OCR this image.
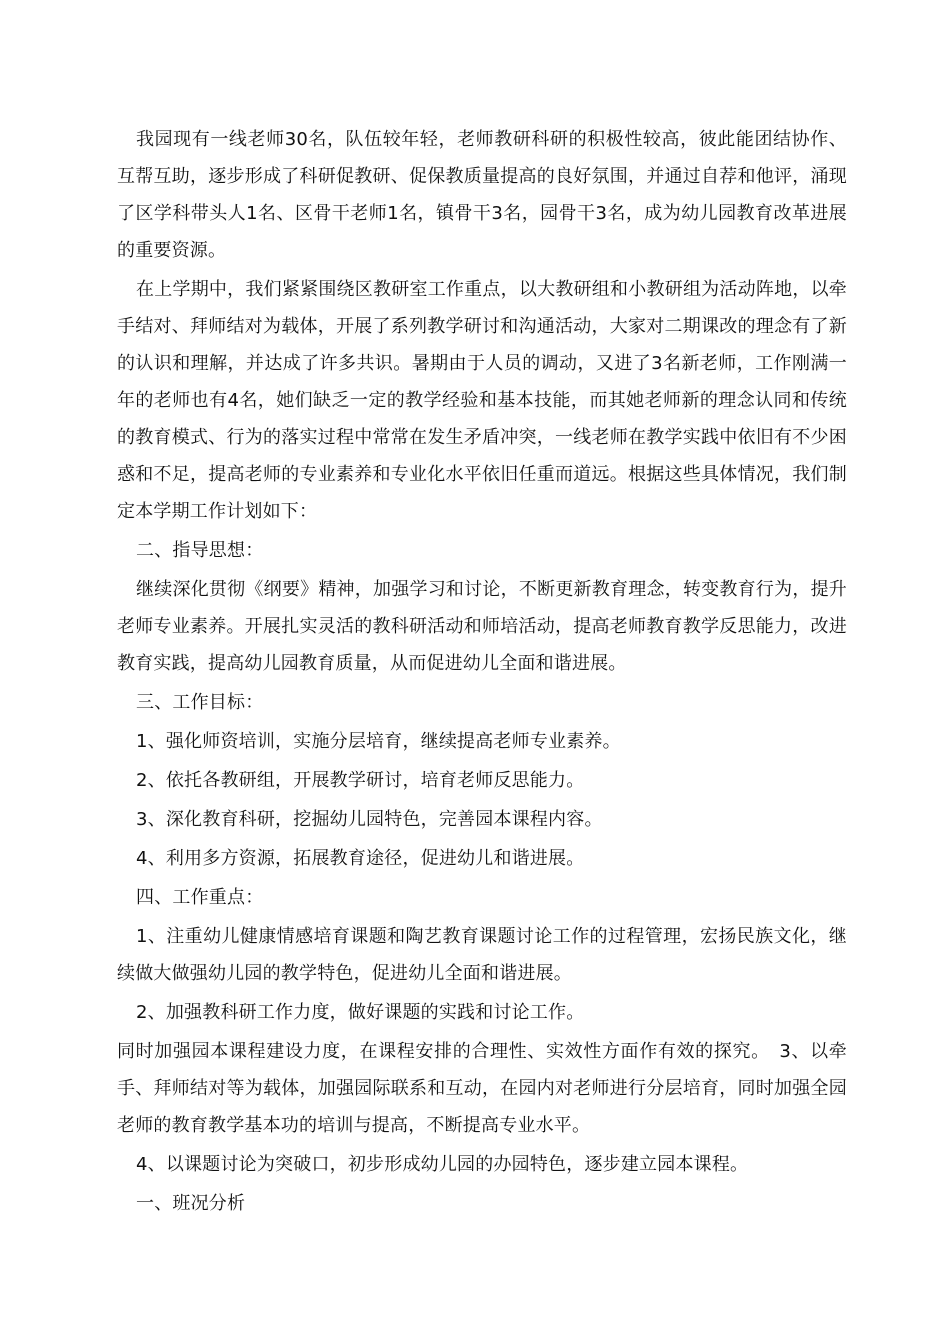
我园现有一线老师30名，队伍较年轻，老师教研科研的积极性较高，彼此能团结协作、互帮互助，逐步形成了科研促教研、促保教质量提高的良好氛围，并通过自荐和他评，涌现了区学科带头人1名、区骨干老师1名，镇骨干3名，园骨干3名，成为幼儿园教育改革进展的重要资源。

在上学期中，我们紧紧围绕区教研室工作重点，以大教研组和小教研组为活动阵地，以牵手结对、拜师结对为载体，开展了系列教学研讨和沟通活动，大家对二期课改的理念有了新的认识和理解，并达成了许多共识。暑期由于人员的调动，又进了3名新老师，工作刚满一年的老师也有4名，她们缺乏一定的教学经验和基本技能，而其她老师新的理念认同和传统的教育模式、行为的落实过程中常常在发生矛盾冲突，一线老师在教学实践中依旧有不少困惑和不足，提高老师的专业素养和专业化水平依旧任重而道远。根据这些具体情况，我们制定本学期工作计划如下：

二、指导思想：

继续深化贯彻《纲要》精神，加强学习和讨论，不断更新教育理念，转变教育行为，提升老师专业素养。开展扎实灵活的教科研活动和师培活动，提高老师教育教学反思能力，改进教育实践，提高幼儿园教育质量，从而促进幼儿全面和谐进展。

三、工作目标：

1、强化师资培训，实施分层培育，继续提高老师专业素养。

2、依托各教研组，开展教学研讨，培育老师反思能力。

3、深化教育科研，挖掘幼儿园特色，完善园本课程内容。

4、利用多方资源，拓展教育途径，促进幼儿和谐进展。

四、工作重点：

1、注重幼儿健康情感培育课题和陶艺教育课题讨论工作的过程管理，宏扬民族文化，继续做大做强幼儿园的教学特色，促进幼儿全面和谐进展。

2、加强教科研工作力度，做好课题的实践和讨论工作。

同时加强园本课程建设力度，在课程安排的合理性、实效性方面作有效的探究。　3、以牵手、拜师结对等为载体，加强园际联系和互动，在园内对老师进行分层培育，同时加强全园老师的教育教学基本功的培训与提高，不断提高专业水平。

4、以课题讨论为突破口，初步形成幼儿园的办园特色，逐步建立园本课程。

一、班况分析
